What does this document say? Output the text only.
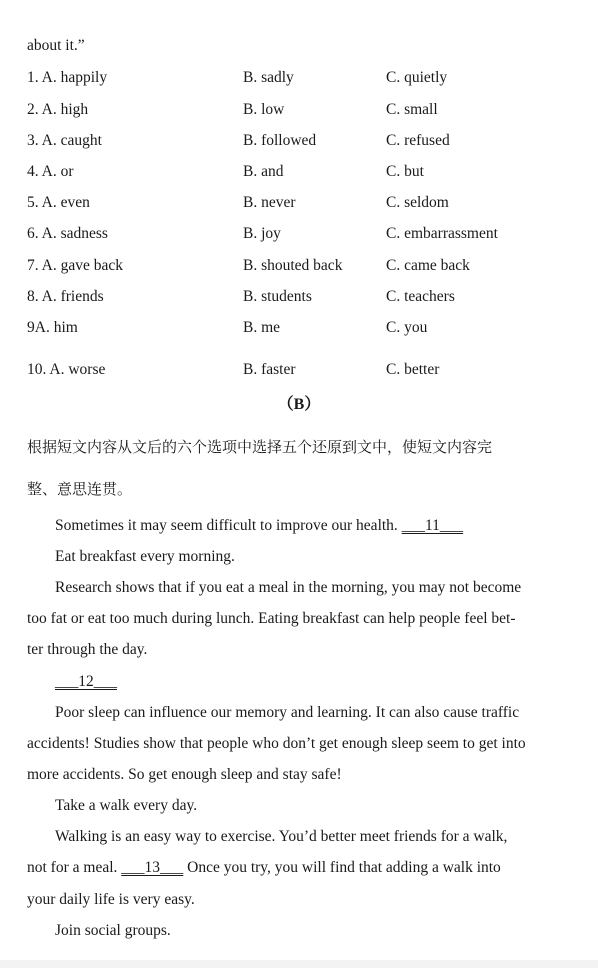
about it.”
1. A. happily	B. sadly	C. quietly
2. A. high	B. low	C. small
3. A. caught	B. followed	C. refused
4. A. or	B. and	C. but
5. A. even	B. never	C. seldom
6. A. sadness	B. joy	C. embarrassment
7. A. gave back	B. shouted back	C. came back
8. A. friends	B. students	C. teachers
9A. him	B. me	C. you
10. A. worse	B. faster	C. better
（B）
根据短文内容从文后的六个选项中选择五个还原到文中，使短文内容完
整、意思连贯。
Sometimes it may seem difficult to improve our health. ___11___
Eat breakfast every morning.
Research shows that if you eat a meal in the morning, you may not become
too fat or eat too much during lunch. Eating breakfast can help people feel bet-
ter through the day.
___12___
Poor sleep can influence our memory and learning. It can also cause traffic
accidents! Studies show that people who don’t get enough sleep seem to get into
more accidents. So get enough sleep and stay safe!
Take a walk every day.
Walking is an easy way to exercise. You’d better meet friends for a walk,
not for a meal. ___13___ Once you try, you will find that adding a walk into
your daily life is very easy.
Join social groups.
